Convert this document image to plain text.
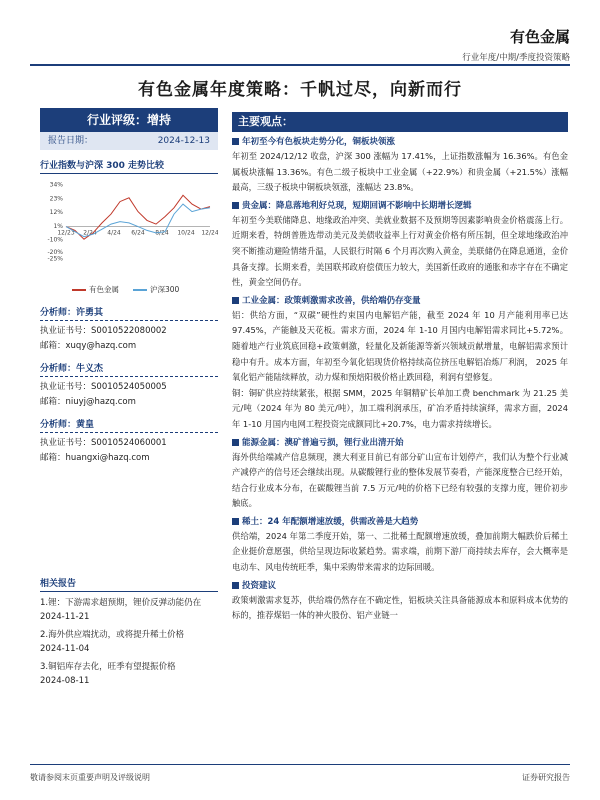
有色金属
行业年度/中期/季度投资策略
有色金属年度策略：千帆过尽，向新而行
行业评级：增持
报告日期：	2024-12-13
行业指数与沪深 300 走势比较
34%
23%
12%
1%
-10%
-20%
-25%
12/23 2/24 4/24 6/24 8/24 10/24 12/24
有色金属	沪深300
分析师：许勇其
执业证书号：S0010522080002
邮箱：xuqy@hazq.com
分析师：牛义杰
执业证书号：S0010524050005
邮箱：niuyj@hazq.com
分析师：黄皇
执业证书号：S0010524060001
邮箱：huangxi@hazq.com
相关报告
1.锂：下游需求超预期，锂价反弹动能仍在
2024-11-21
2.海外供应端扰动，或将提升稀土价格
2024-11-04
3.铜铝库存去化，旺季有望提振价格
2024-08-11
主要观点：
年初至今有色板块走势分化，铜板块领涨
年初至 2024/12/12 收盘，沪深 300 涨幅为 17.41%，上证指数涨幅为 16.36%。有色金属板块涨幅 13.36%。有色二级子板块中工业金属（+22.9%）和贵金属（+21.5%）涨幅最高，三级子板块中铜板块领涨，涨幅达 23.8%。
贵金属：降息落地利好兑现，短期回调不影响中长期增长逻辑
年初至今美联储降息、地缘政治冲突、美就业数据不及预期等因素影响贵金价格震荡上行。近期来看，特朗普胜选带动美元及美债收益率上行对黄金价格有所压制，但全球地缘政治冲突不断推动避险情绪升温，人民银行时隔 6 个月再次购入黄金，美联储仍在降息通道，金价具备支撑。长期来看，美国联邦政府偿债压力较大，美国新任政府的通胀和赤字存在不确定性，黄金空间仍存。
工业金属：政策刺激需求改善，供给端仍存变量
铝：供给方面，“双碳”硬性约束国内电解铝产能，截至 2024 年 10 月产能利用率已达 97.45%，产能触及天花板。需求方面，2024 年 1-10 月国内电解铝需求同比+5.72%。随着地产行业筑底回稳+政策刺激，轻量化及新能源等新兴领域贡献增量，电解铝需求预计稳中有升。成本方面，年初至今氧化铝现货价格持续高位挤压电解铝冶炼厂利润， 2025 年氧化铝产能陆续释放，动力煤和预焙阳极价格止跌回稳，利润有望修复。
铜：铜矿供应持续紧张，根据 SMM，2025 年铜精矿长单加工费 benchmark 为 21.25 美元/吨（2024 年为 80 美元/吨），加工端利润承压，矿冶矛盾持续演绎，需求方面，2024 年 1-10 月国内电网工程投资完成额同比+20.7%，电力需求持续增长。
能源金属：澳矿普遍亏损，锂行业出清开始
海外供给端减产信息频现，澳大利亚目前已有部分矿山宣布计划停产，我们认为整个行业减产减停产的信号还会继续出现。从碳酸锂行业的整体发展节奏看，产能深度整合已经开始，结合行业成本分布，在碳酸锂当前 7.5 万元/吨的价格下已经有较强的支撑力度，锂价初步触底。
稀土：24 年配额增速放缓，供需改善是大趋势
供给端，2024 年第二季度开始，第一、二批稀土配额增速放缓，叠加前期大幅跌价后稀土企业挺价意愿强，供给呈现边际收紧趋势。需求端，前期下游厂商持续去库存，会大概率是电动车、风电传统旺季，集中采购带来需求的边际回暖。
投资建议
政策刺激需求复苏，供给端仍然存在不确定性，铝板块关注具备能源成本和原料成本优势的标的，推荐煤铝一体的神火股份、铝产业链一
敬请参阅末页重要声明及评级说明	证券研究报告
